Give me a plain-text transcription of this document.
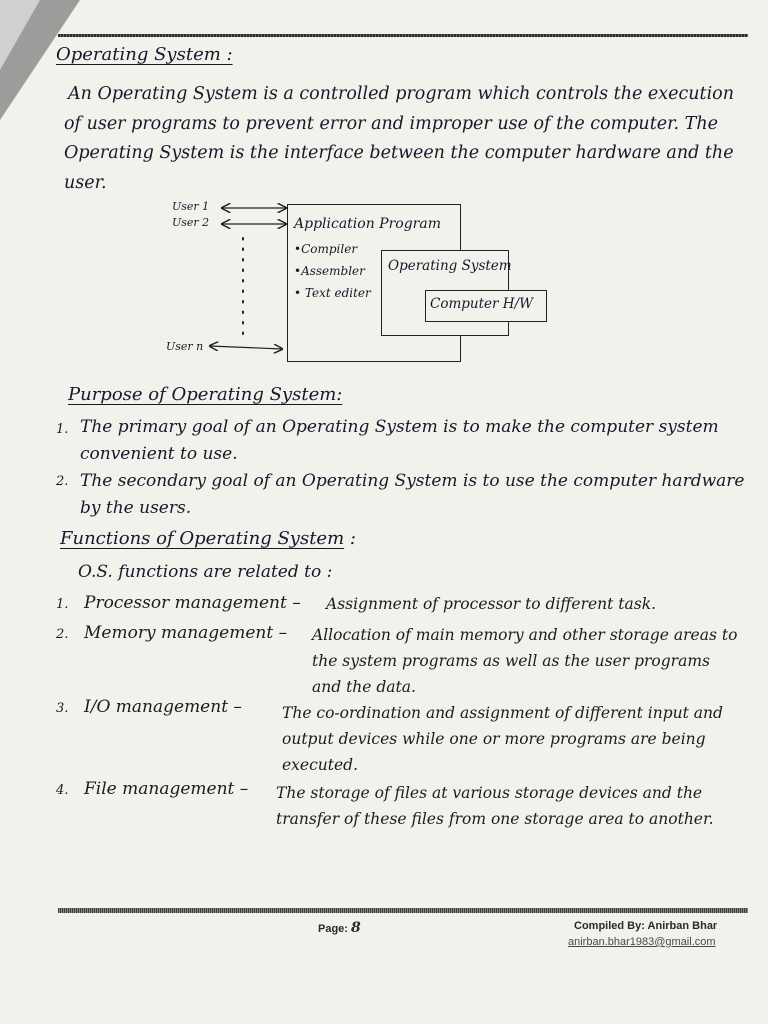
Operating System :
An Operating System is a controlled program which controls the execution of user programs to prevent error and improper use of the computer. The Operating System is the interface between the computer hardware and the user.
User 1
User 2
User n
Application Program
•Compiler
•Assembler
• Text editer
Operating System
Computer H/W
Purpose of Operating System:
1. The primary goal of an Operating System is to make the computer system convenient to use.
2. The secondary goal of an Operating System is to use the computer hardware by the users.
Functions of Operating System :
O.S. functions are related to :
1. Processor management – Assignment of processor to different task.
2. Memory management – Allocation of main memory and other storage areas to the system programs as well as the user programs and the data.
3. I/O management –	The co-ordination and assignment of different input and output devices while one or more programs are being executed.
4. File management – The storage of files at various storage devices and the transfer of these files from one storage area to another.
Page: 8	Compiled By: Anirban Bhar
anirban.bhar1983@gmail.com
